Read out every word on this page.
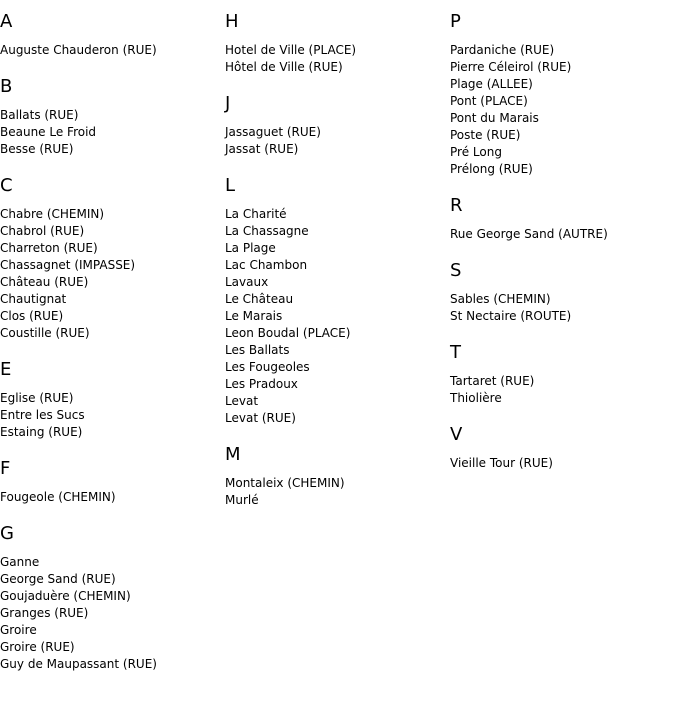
A
Auguste Chauderon (RUE)
B
Ballats (RUE)
Beaune Le Froid
Besse (RUE)
C
Chabre (CHEMIN)
Chabrol (RUE)
Charreton (RUE)
Chassagnet (IMPASSE)
Château (RUE)
Chautignat
Clos (RUE)
Coustille (RUE)
E
Eglise (RUE)
Entre les Sucs
Estaing (RUE)
F
Fougeole (CHEMIN)
G
Ganne
George Sand (RUE)
Goujaduère (CHEMIN)
Granges (RUE)
Groire
Groire (RUE)
Guy de Maupassant (RUE)
H
Hotel de Ville (PLACE)
Hôtel de Ville (RUE)
J
Jassaguet (RUE)
Jassat (RUE)
L
La Charité
La Chassagne
La Plage
Lac Chambon
Lavaux
Le Château
Le Marais
Leon Boudal (PLACE)
Les Ballats
Les Fougeoles
Les Pradoux
Levat
Levat (RUE)
M
Montaleix (CHEMIN)
Murlé
P
Pardaniche (RUE)
Pierre Céleirol (RUE)
Plage (ALLEE)
Pont (PLACE)
Pont du Marais
Poste (RUE)
Pré Long
Prélong (RUE)
R
Rue George Sand (AUTRE)
S
Sables (CHEMIN)
St Nectaire (ROUTE)
T
Tartaret (RUE)
Thiolière
V
Vieille Tour (RUE)
